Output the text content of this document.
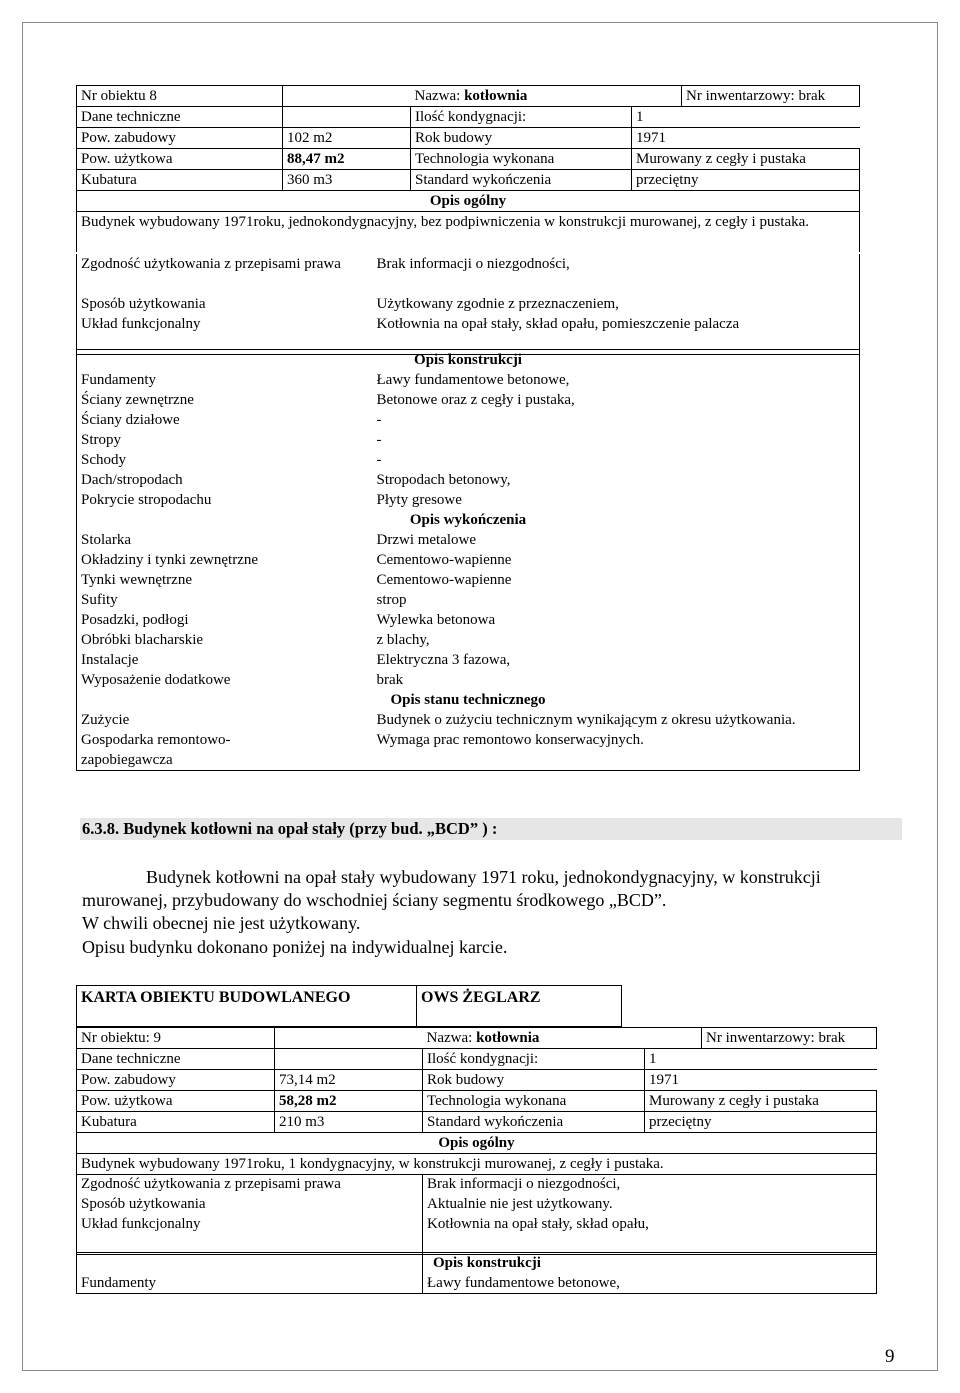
Nr obiektu 8		Nazwa: kotłownia		Nr inwentarzowy: brak
Dane techniczne		Ilość kondygnacji:	1	
Pow. zabudowy	102 m2	Rok budowy	1971	
Pow. użytkowa	88,47 m2	Technologia wykonana	Murowany z cegły i pustaka	
Kubatura	360 m3	Standard wykończenia	przeciętny	
Opis ogólny				
Budynek wybudowany 1971roku, jednokondygnacyjny, bez podpiwniczenia w konstrukcji murowanej, z cegły i pustaka.				
Zgodność użytkowania z przepisami prawa	Brak informacji o niezgodności,
Sposób użytkowania	Użytkowany zgodnie z przeznaczeniem,
Układ funkcjonalny	Kotłownia na opał stały, skład opału, pomieszczenie palacza
Opis konstrukcji	
Fundamenty	Ławy fundamentowe betonowe,
Ściany zewnętrzne	Betonowe oraz z cegły i pustaka,
Ściany działowe	-
Stropy	-
Schody	-
Dach/stropodach	Stropodach betonowy,
Pokrycie stropodachu	Płyty gresowe
Opis wykończenia	
Stolarka	Drzwi metalowe
Okładziny i tynki zewnętrzne	Cementowo-wapienne
Tynki wewnętrzne	Cementowo-wapienne
Sufity	strop
Posadzki, podłogi	Wylewka betonowa
Obróbki blacharskie	z blachy,
Instalacje	Elektryczna 3 fazowa,
Wyposażenie dodatkowe	brak
Opis stanu technicznego	
Zużycie	Budynek o zużyciu technicznym wynikającym z okresu użytkowania.
Gospodarka remontowo-zapobiegawcza	Wymaga prac remontowo konserwacyjnych.
6.3.8. Budynek kotłowni na opał stały (przy bud. „BCD” ) :
Budynek kotłowni na opał stały wybudowany 1971 roku, jednokondygnacyjny, w konstrukcji murowanej, przybudowany do wschodniej ściany segmentu środkowego „BCD”.
W chwili obecnej nie jest użytkowany.
Opisu budynku dokonano poniżej na indywidualnej karcie.
KARTA OBIEKTU BUDOWLANEGO	OWS ŻEGLARZ
Nr obiektu: 9		Nazwa: kotłownia		Nr inwentarzowy: brak
Dane techniczne		Ilość kondygnacji:	1	
Pow. zabudowy	73,14 m2	Rok budowy	1971	
Pow. użytkowa	58,28 m2	Technologia wykonana	Murowany z cegły i pustaka	
Kubatura	210 m3	Standard wykończenia	przeciętny	
Opis ogólny				
Budynek wybudowany 1971roku, 1 kondygnacyjny, w konstrukcji murowanej, z cegły i pustaka.				
Zgodność użytkowania z przepisami prawa	Brak informacji o niezgodności,
Sposób użytkowania	Aktualnie nie jest użytkowany.
Układ funkcjonalny	Kotłownia na opał stały, skład opału,
	Opis konstrukcji
Fundamenty	Ławy fundamentowe betonowe,
9
